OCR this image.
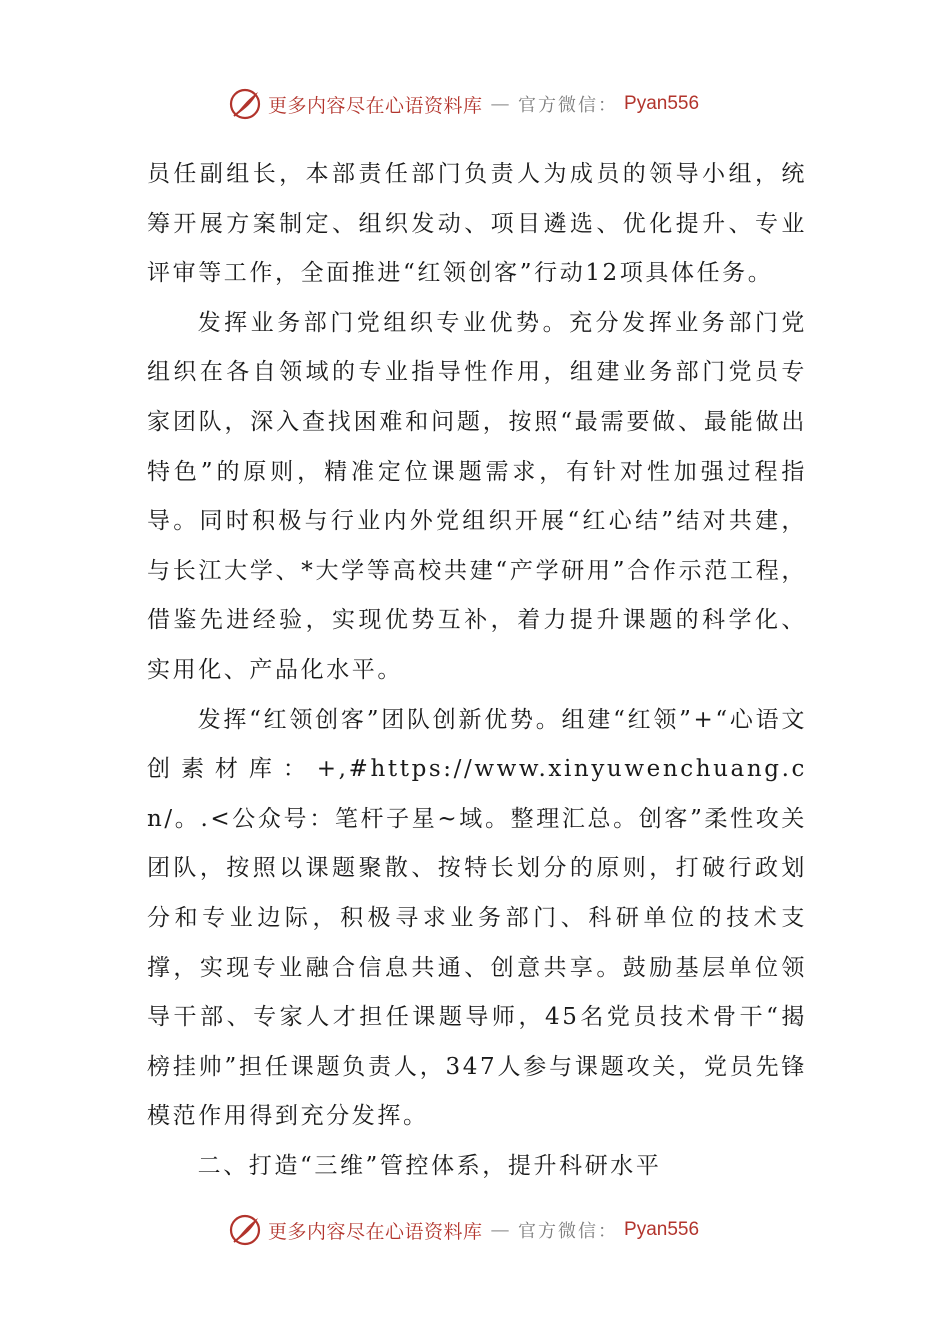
更多内容尽在心语资料库 — 官方微信： Pyan556

员任副组长，本部责任部门负责人为成员的领导小组，统筹开展方案制定、组织发动、项目遴选、优化提升、专业评审等工作，全面推进“红领创客”行动12项具体任务。

发挥业务部门党组织专业优势。充分发挥业务部门党组织在各自领域的专业指导性作用，组建业务部门党员专家团队，深入查找困难和问题，按照“最需要做、最能做出特色”的原则，精准定位课题需求，有针对性加强过程指导。同时积极与行业内外党组织开展“红心结”结对共建，与长江大学、*大学等高校共建“产学研用”合作示范工程，借鉴先进经验，实现优势互补，着力提升课题的科学化、实用化、产品化水平。

发挥“红领创客”团队创新优势。组建“红领”+“心语文创素材库：+,#https://www.xinyuwenchuang.cn/。.<公众号：笔杆子星~域。整理汇总。创客”柔性攻关团队，按照以课题聚散、按特长划分的原则，打破行政划分和专业边际，积极寻求业务部门、科研单位的技术支撑，实现专业融合信息共通、创意共享。鼓励基层单位领导干部、专家人才担任课题导师，45名党员技术骨干“揭榜挂帅”担任课题负责人，347人参与课题攻关，党员先锋模范作用得到充分发挥。

二、打造“三维”管控体系，提升科研水平

更多内容尽在心语资料库 — 官方微信： Pyan556
